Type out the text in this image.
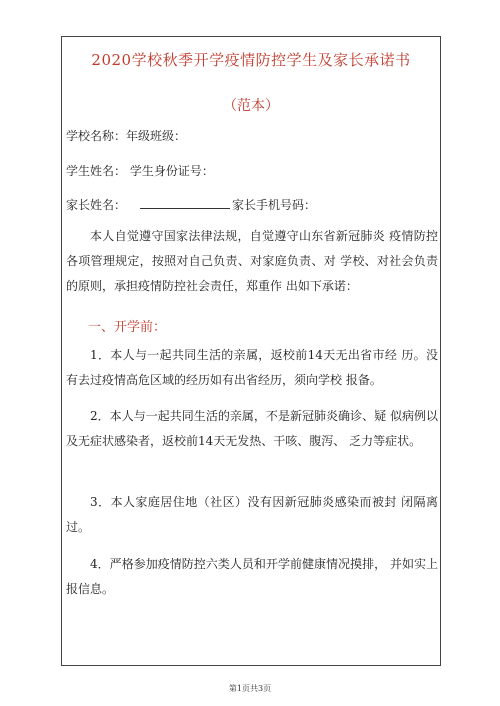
2020学校秋季开学疫情防控学生及家长承诺书
（范本）
学校名称：年级班级：
学生姓名： 学生身份证号：
家长姓名：	家长手机号码：

本人自觉遵守国家法律法规，自觉遵守山东省新冠肺炎 疫情防控各项管理规定，按照对自己负责、对家庭负责、对 学校、对社会负责的原则，承担疫情防控社会责任，郑重作 出如下承诺：

一、开学前：

1．本人与一起共同生活的亲属，返校前14天无出省市经 历。没有去过疫情高危区域的经历如有出省经历，须向学校 报备。

2．本人与一起共同生活的亲属，不是新冠肺炎确诊、疑 似病例以及无症状感染者，返校前14天无发热、干咳、腹泻、 乏力等症状。

3．本人家庭居住地（社区）没有因新冠肺炎感染而被封 闭隔离过。

4．严格参加疫情防控六类人员和开学前健康情况摸排， 并如实上报信息。

第1页共3页
